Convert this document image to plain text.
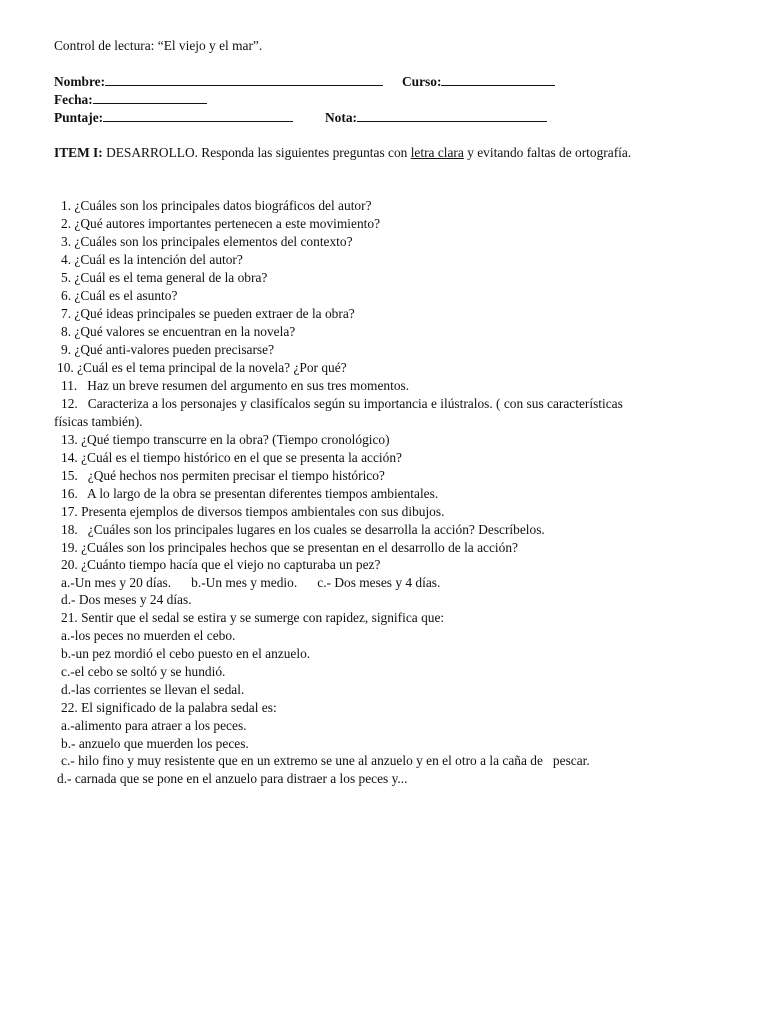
Control de lectura: “El viejo y el mar”.
Nombre:	Curso:
Fecha:
Puntaje:	Nota:
ITEM I: DESARROLLO. Responda las siguientes preguntas con letra clara y evitando faltas de ortografía.
1. ¿Cuáles son los principales datos biográficos del autor?
2. ¿Qué autores importantes pertenecen a este movimiento?
3. ¿Cuáles son los principales elementos del contexto?
4. ¿Cuál es la intención del autor?
5. ¿Cuál es el tema general de la obra?
6. ¿Cuál es el asunto?
7. ¿Qué ideas principales se pueden extraer de la obra?
8. ¿Qué valores se encuentran en la novela?
9. ¿Qué anti-valores pueden precisarse?
10. ¿Cuál es el tema principal de la novela? ¿Por qué?
11.   Haz un breve resumen del argumento en sus tres momentos.
12.   Caracteriza a los personajes y clasifícalos según su importancia e ilústralos. ( con sus características
físicas también).
13. ¿Qué tiempo transcurre en la obra? (Tiempo cronológico)
14. ¿Cuál es el tiempo histórico en el que se presenta la acción?
15.   ¿Qué hechos nos permiten precisar el tiempo histórico?
16.   A lo largo de la obra se presentan diferentes tiempos ambientales.
17. Presenta ejemplos de diversos tiempos ambientales con sus dibujos.
18.   ¿Cuáles son los principales lugares en los cuales se desarrolla la acción? Descríbelos.
19. ¿Cuáles son los principales hechos que se presentan en el desarrollo de la acción?
20. ¿Cuánto tiempo hacía que el viejo no capturaba un pez?
a.-Un mes y 20 días.      b.-Un mes y medio.      c.- Dos meses y 4 días.
d.- Dos meses y 24 días.
21. Sentir que el sedal se estira y se sumerge con rapidez, significa que:
a.-los peces no muerden el cebo.
b.-un pez mordió el cebo puesto en el anzuelo.
c.-el cebo se soltó y se hundió.
d.-las corrientes se llevan el sedal.
22. El significado de la palabra sedal es:
a.-alimento para atraer a los peces.
b.- anzuelo que muerden los peces.
c.- hilo fino y muy resistente que en un extremo se une al anzuelo y en el otro a la caña de   pescar.
d.- carnada que se pone en el anzuelo para distraer a los peces y...
